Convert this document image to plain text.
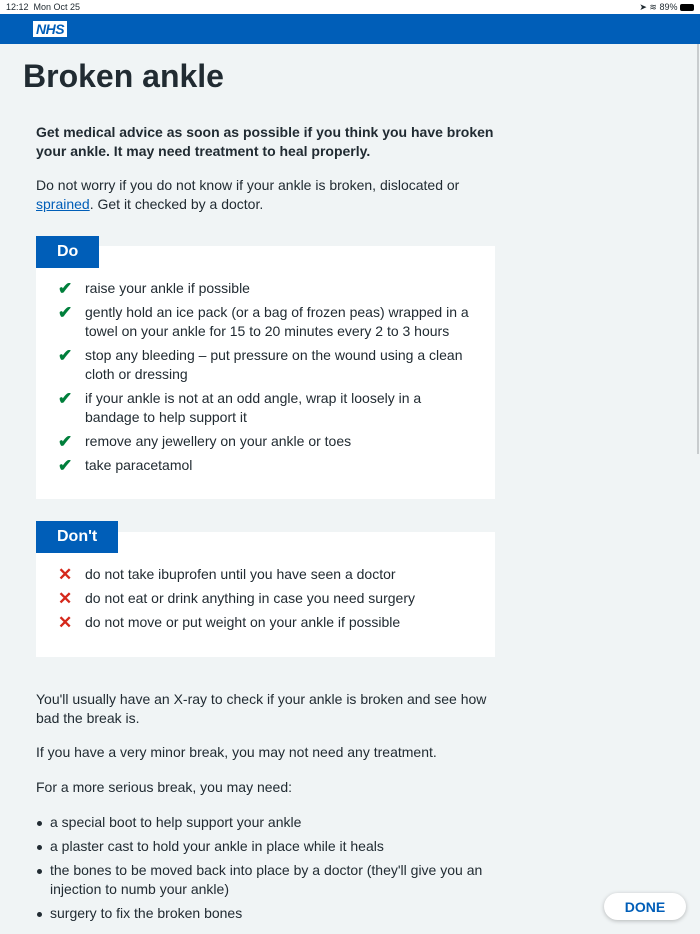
12:12 Mon Oct 25	➤ ≋ 89%
NHS
Broken ankle

Get medical advice as soon as possible if you think you have broken your ankle. It may need treatment to heal properly.

Do not worry if you do not know if your ankle is broken, dislocated or sprained. Get it checked by a doctor.

✔ raise your ankle if possible
✔ gently hold an ice pack (or a bag of frozen peas) wrapped in a towel on your ankle for 15 to 20 minutes every 2 to 3 hours
✔ stop any bleeding – put pressure on the wound using a clean cloth or dressing
✔ if your ankle is not at an odd angle, wrap it loosely in a bandage to help support it
✔ remove any jewellery on your ankle or toes
✔ take paracetamol
Do
✕ do not take ibuprofen until you have seen a doctor
✕ do not eat or drink anything in case you need surgery
✕ do not move or put weight on your ankle if possible
Don't

You'll usually have an X-ray to check if your ankle is broken and see how bad the break is.

If you have a very minor break, you may not need any treatment.

For a more serious break, you may need:

a special boot to help support your ankle
a plaster cast to hold your ankle in place while it heals
the bones to be moved back into place by a doctor (they'll give you an injection to numb your ankle)
surgery to fix the broken bones	DONE
